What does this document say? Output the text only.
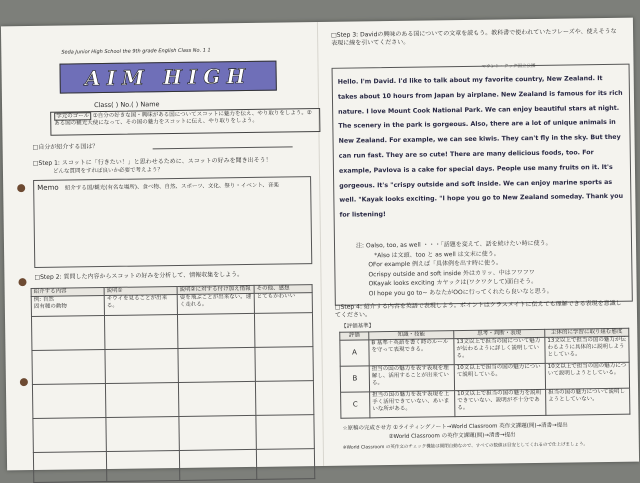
Seda Junior High School the 9th grade English Class No. 1 1
AIM HIGH
Class( ) No.( ) Name
学元のゴール ①自分の好きな国・興味がある国についてスコットに魅力を伝え、やり取りをしよう。②ある国の観光大使になって、その国の魅力をスコットに伝え、やり取りをしよう。
□自分が紹介する国は？
□Step 1: スコットに「行きたい！」と思わせるために、スコットの好みを聞き出そう！
どんな質問をすれば良いか必要で考えよう？
Memo 紹介する国/観光(有名な場所)、食べ物、自然、スポーツ、文化、祭り・イベント、音楽
□Step 2: 質問した内容からスコットの好みを分析して、情報収集をしよう。
紹介する内容	説明①	説明②に対する付け加え情報	その他、感想
例: 自然
固有種の動物	キウイを見ることが出来る。	姿を飛ぶことが出来ない。速く走れる。	とてもかわいい

□Step 3: Davidの興味のある国についての文章を読もう。教科書で使われていたフレーズや、使えそうな表現に線を引いてください。
マウント・クック国立公園
Hello. I'm David. I'd like to talk about my favorite country, New Zealand. It takes about 10 hours from Japan by airplane. New Zealand is famous for its rich nature. I love Mount Cook National Park. We can enjoy beautiful stars at night. The scenery in the park is gorgeous. Also, there are a lot of unique animals in New Zealand. For example, we can see kiwis. They can't fly in the sky. But they can run fast. They are so cute! There are many delicious foods, too. For example, Pavlova is a cake for special days. People use many fruits on it. It's gorgeous. It's "crispy outside and soft inside. We can enjoy marine sports as well. "Kayak looks exciting. "I hope you go to New Zealand someday. Thank you for listening!
注: Oalso, too, as well ・・・「話題を変えて、話を続けたい時に使う。
*Also は文頭、too と as well は文末に使う。
OFor example 例えば「具体例を出す時に使う。
Ocrispy outside and soft inside 外はカリッ、中はフワフワ
OKayak looks exciting カヤックは(ワクワクして)面白そう。
OI hope you go to~ あなたがOOに行ってくれたら良いなと思う。
□Step 4: 紹介する内容を英語で表現しよう。ポイントはクラスメイトに伝えても理解できる表現を意識してください。
【評価基準】
評価	知識・技能	思考・判断・表現	主体的に学習に取り組む態度
A	B 基準＋英語を書く時のルールを守って表現できる。	13文以上で担当の国について魅力が伝わるように詳しく説明している。	13文以上で担当の国の魅力が伝わるように具体的に説明しようとしている。
B	担当の国の魅力を表す表現を理解し、活用することが出来ている。	10文以上で担当の国の魅力について説明している。	10文以上で担当の国の魅力について説明しようとしている。
C	担当の国の魅力を表す表現を上手く活用できていない、あいまいな所がある。	10文以上で担当の国の魅力を説明できていない、説明が不十分である。	担当の国の魅力について説明しようとしていない。
☆原稿の完成させ方 ①ライティングノート→World Classroom 英作文課題(開)→清書→提出
②World Classroom の英作文課題(開)→清書→提出
※World Classroom の英作文のチェック機能は開閉自動なので、すべての数値は目安としてくれるので仕上げましょう。
